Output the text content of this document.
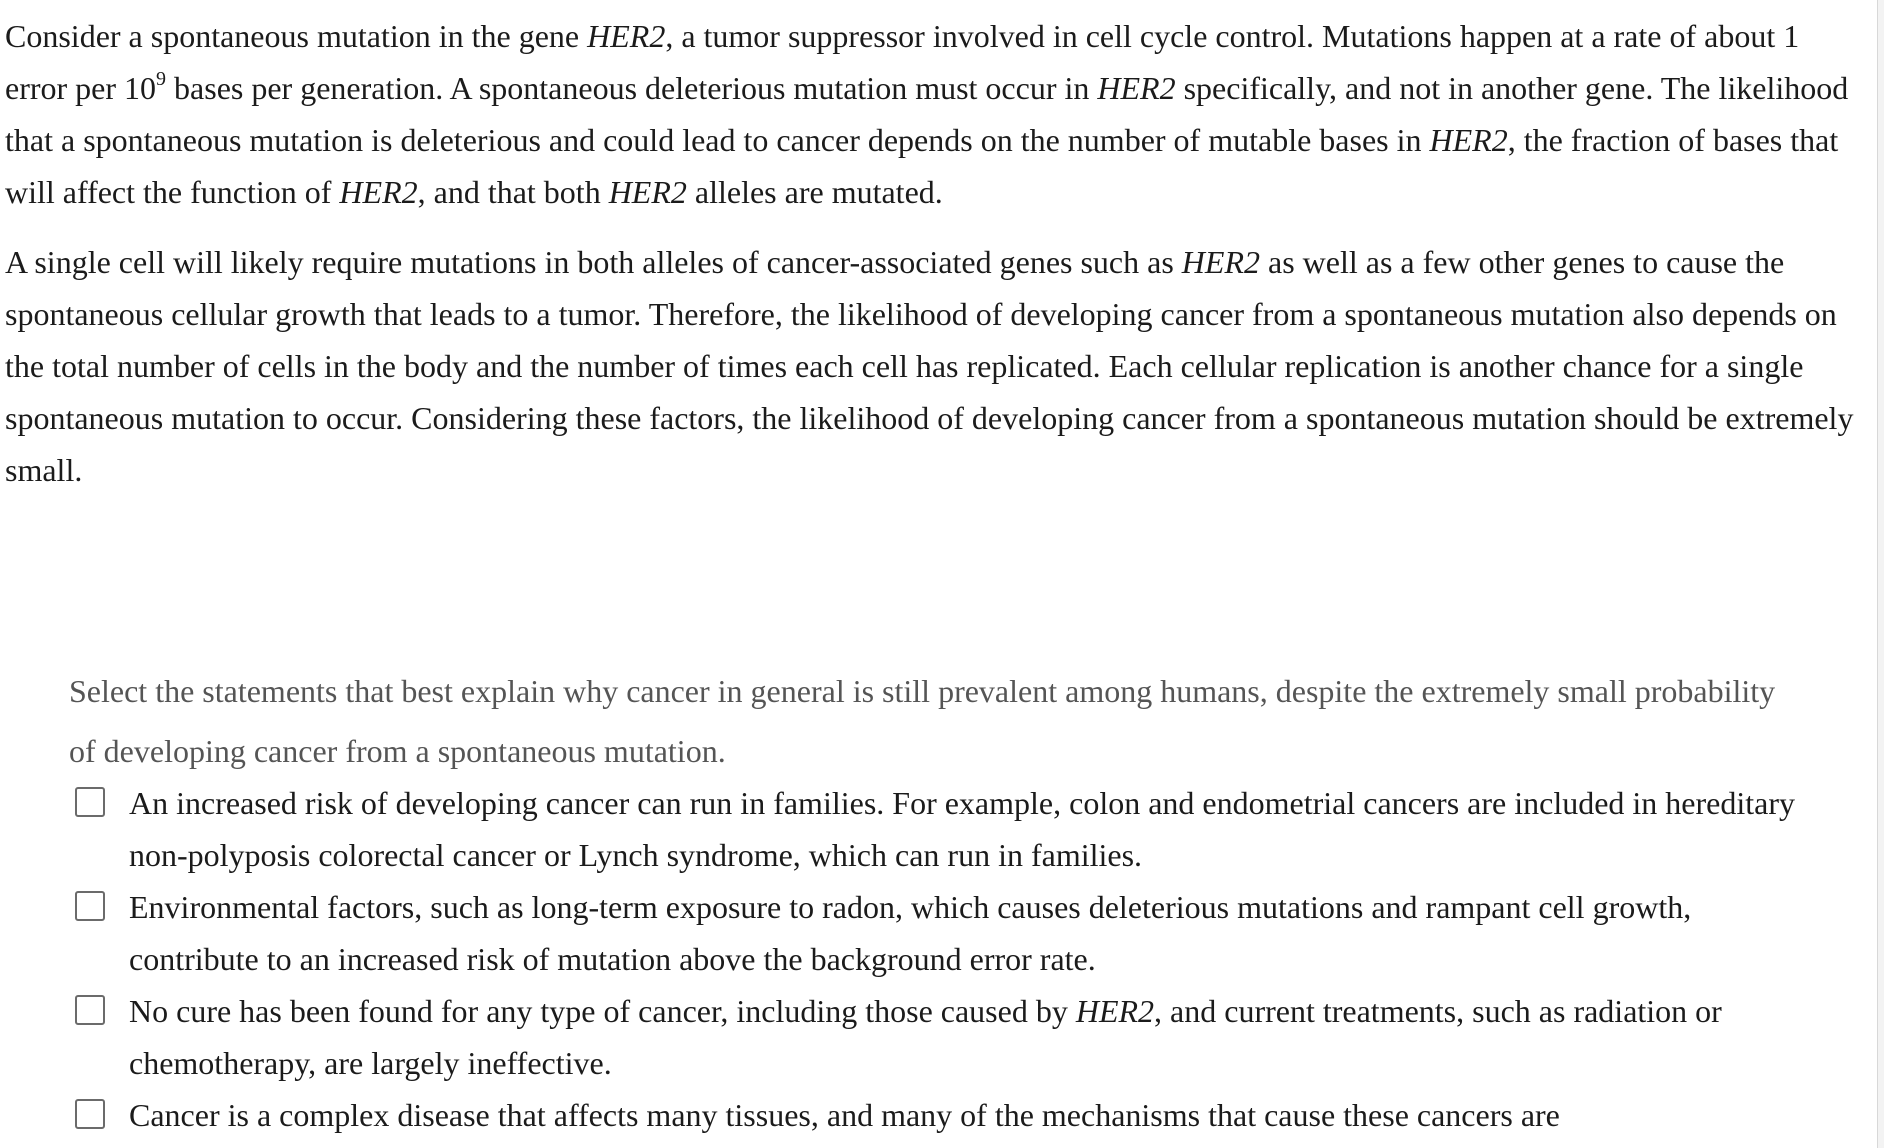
Consider a spontaneous mutation in the gene HER2, a tumor suppressor involved in cell cycle control. Mutations happen at a rate of about 1 error per $10^9$ bases per generation. A spontaneous deleterious mutation must occur in HER2 specifically, and not in another gene. The likelihood that a spontaneous mutation is deleterious and could lead to cancer depends on the number of mutable bases in HER2, the fraction of bases that will affect the function of HER2, and that both HER2 alleles are mutated.

A single cell will likely require mutations in both alleles of cancer-associated genes such as HER2 as well as a few other genes to cause the spontaneous cellular growth that leads to a tumor. Therefore, the likelihood of developing cancer from a spontaneous mutation also depends on the total number of cells in the body and the number of times each cell has replicated. Each cellular replication is another chance for a single spontaneous mutation to occur. Considering these factors, the likelihood of developing cancer from a spontaneous mutation should be extremely small.

Select the statements that best explain why cancer in general is still prevalent among humans, despite the extremely small probability of developing cancer from a spontaneous mutation.
An increased risk of developing cancer can run in families. For example, colon and endometrial cancers are included in hereditary non-polyposis colorectal cancer or Lynch syndrome, which can run in families.
Environmental factors, such as long-term exposure to radon, which causes deleterious mutations and rampant cell growth, contribute to an increased risk of mutation above the background error rate.
No cure has been found for any type of cancer, including those caused by HER2, and current treatments, such as radiation or chemotherapy, are largely ineffective.
Cancer is a complex disease that affects many tissues, and many of the mechanisms that cause these cancers are
